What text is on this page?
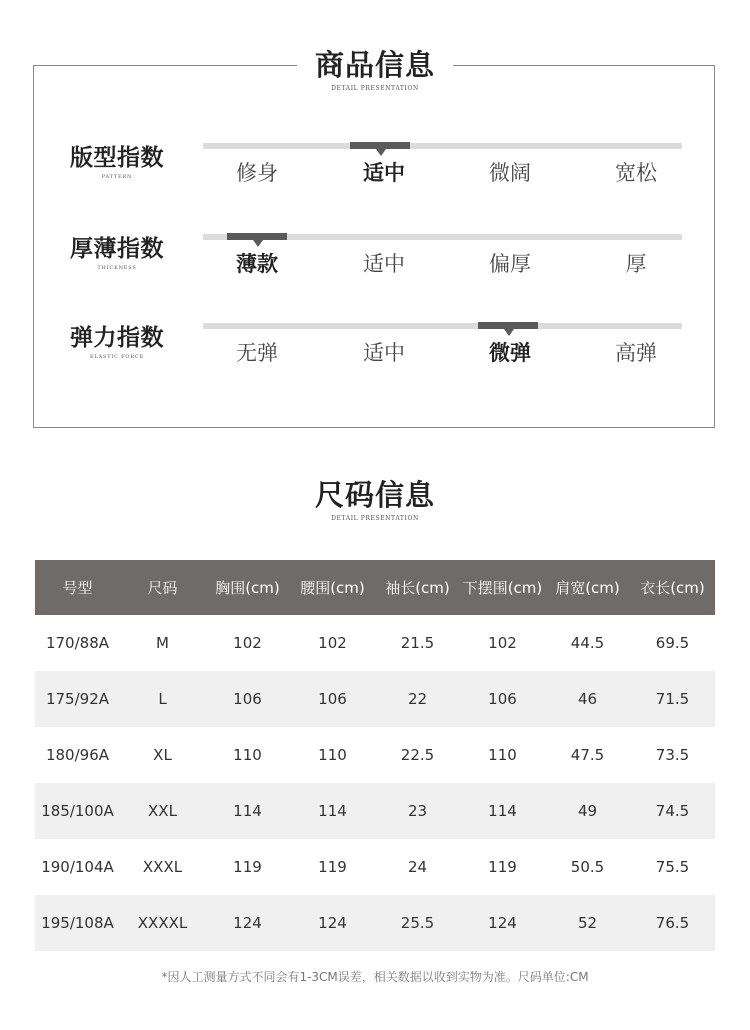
商品信息
DETAIL PRESENTATION
版型指数
PATTERN	修身	适中	微阔	宽松
厚薄指数
THICKNESS	薄款	适中	偏厚	厚
弹力指数
ELASTIC FORCE	无弹	适中	微弹	高弹
尺码信息
DETAIL PRESENTATION
号型	尺码	胸围(cm)	腰围(cm)	袖长(cm) 下摆围(cm) 肩宽(cm)	衣长(cm)
170/88A	M	102	102	21.5	102	44.5	69.5
175/92A	L	106	106	22	106	46	71.5
180/96A	XL	110	110	22.5	110	47.5	73.5
185/100A	XXL	114	114	23	114	49	74.5
190/104A	XXXL	119	119	24	119	50.5	75.5
195/108A	XXXXL	124	124	25.5	124	52	76.5
*因人工测量方式不同会有1-3CM误差，相关数据以收到实物为准。尺码单位:CM
